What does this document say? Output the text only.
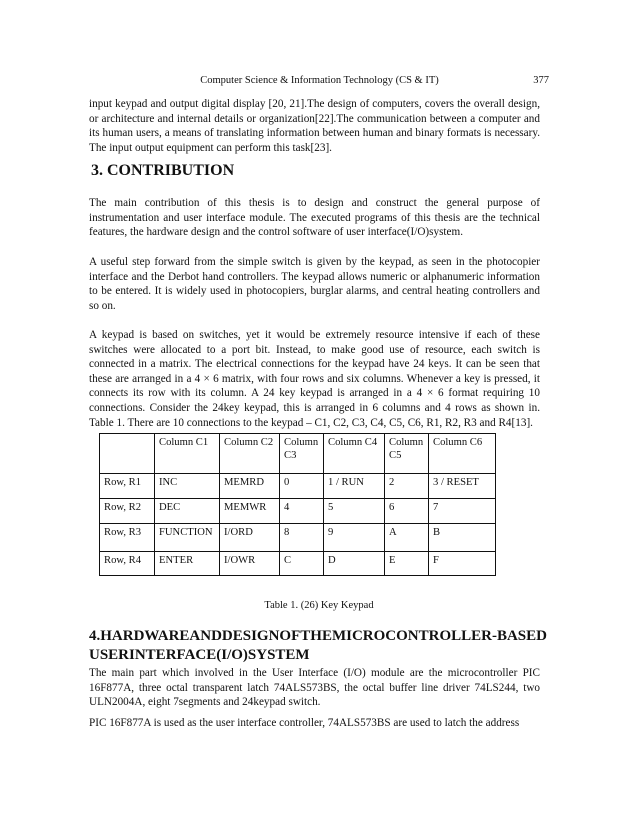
Computer Science & Information Technology (CS & IT)	377

input keypad and output digital display [20, 21].The design of computers, covers the overall design, or architecture and internal details or organization[22].The communication between a computer and its human users, a means of translating information between human and binary formats is necessary. The input output equipment can perform this task[23].

3. CONTRIBUTION

The main contribution of this thesis is to design and construct the general purpose of instrumentation and user interface module. The executed programs of this thesis are the technical features, the hardware design and the control software of user interface(I/O)system.

A useful step forward from the simple switch is given by the keypad, as seen in the photocopier interface and the Derbot hand controllers. The keypad allows numeric or alphanumeric information to be entered. It is widely used in photocopiers, burglar alarms, and central heating controllers and so on.

A keypad is based on switches, yet it would be extremely resource intensive if each of these switches were allocated to a port bit. Instead, to make good use of resource, each switch is connected in a matrix. The electrical connections for the keypad have 24 keys. It can be seen that these are arranged in a 4 × 6 matrix, with four rows and six columns. Whenever a key is pressed, it connects its row with its column. A 24 key keypad is arranged in a 4 × 6 format requiring 10 connections. Consider the 24key keypad, this is arranged in 6 columns and 4 rows as shown in. Table 1. There are 10 connections to the keypad – C1, C2, C3, C4, C5, C6, R1, R2, R3 and R4[13].

	Column C1	Column C2	Column C3	Column C4	Column C5	Column C6
Row, R1	INC	MEMRD	0	1 / RUN	2	3 / RESET
Row, R2	DEC	MEMWR	4	5	6	7
Row, R3	FUNCTION	I/ORD	8	9	A	B
Row, R4	ENTER	I/OWR	C	D	E	F
Table 1. (26) Key Keypad
4.HARDWAREANDDESIGNOFTHEMICROCONTROLLER-BASEDUSERINTERFACE(I/O)SYSTEM

The main part which involved in the User Interface (I/O) module are the microcontroller PIC 16F877A, three octal transparent latch 74ALS573BS, the octal buffer line driver 74LS244, two ULN2004A, eight 7segments and 24keypad switch.

PIC 16F877A is used as the user interface controller, 74ALS573BS are used to latch the address
